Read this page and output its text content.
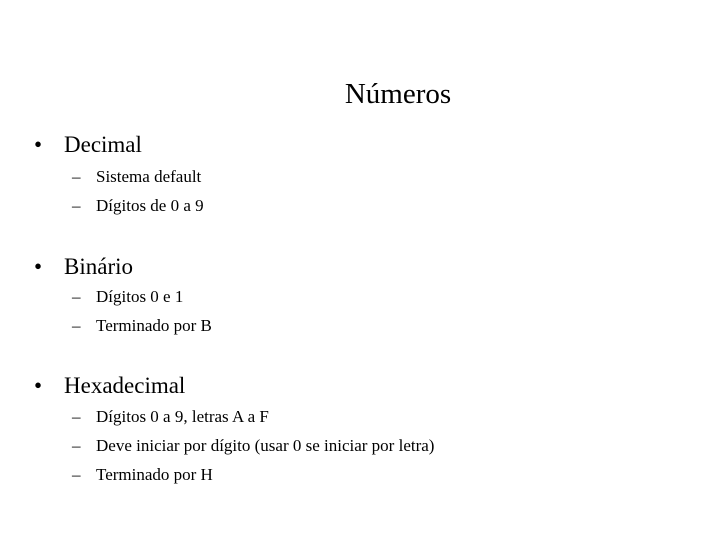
Números
• Decimal
– Sistema default
– Dígitos de 0 a 9
• Binário
– Dígitos 0 e 1
– Terminado por B
• Hexadecimal
– Dígitos 0 a 9, letras A a F
– Deve iniciar por dígito (usar 0 se iniciar por letra)
– Terminado por H
